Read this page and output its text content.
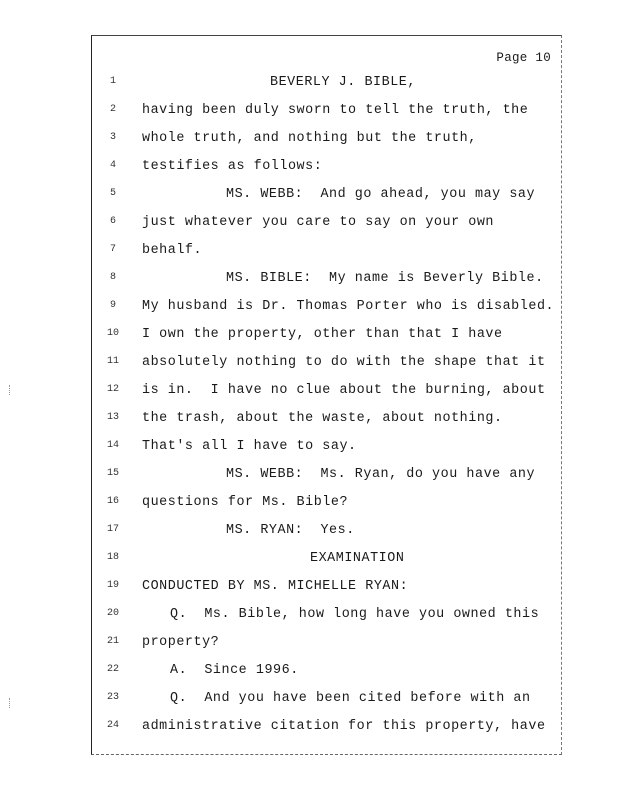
Page 10
1	BEVERLY J. BIBLE,
2	having been duly sworn to tell the truth, the
3	whole truth, and nothing but the truth,
4	testifies as follows:
5	MS. WEBB:  And go ahead, you may say
6	just whatever you care to say on your own
7	behalf.
8	MS. BIBLE:  My name is Beverly Bible.
9	My husband is Dr. Thomas Porter who is disabled.
10	I own the property, other than that I have
11	absolutely nothing to do with the shape that it
12	is in.  I have no clue about the burning, about
13	the trash, about the waste, about nothing.
14	That's all I have to say.
15	MS. WEBB:  Ms. Ryan, do you have any
16	questions for Ms. Bible?
17	MS. RYAN:  Yes.
18	EXAMINATION
19	CONDUCTED BY MS. MICHELLE RYAN:
20	Q.  Ms. Bible, how long have you owned this
21	property?
22	A.  Since 1996.
23	Q.  And you have been cited before with an
24	administrative citation for this property, have
